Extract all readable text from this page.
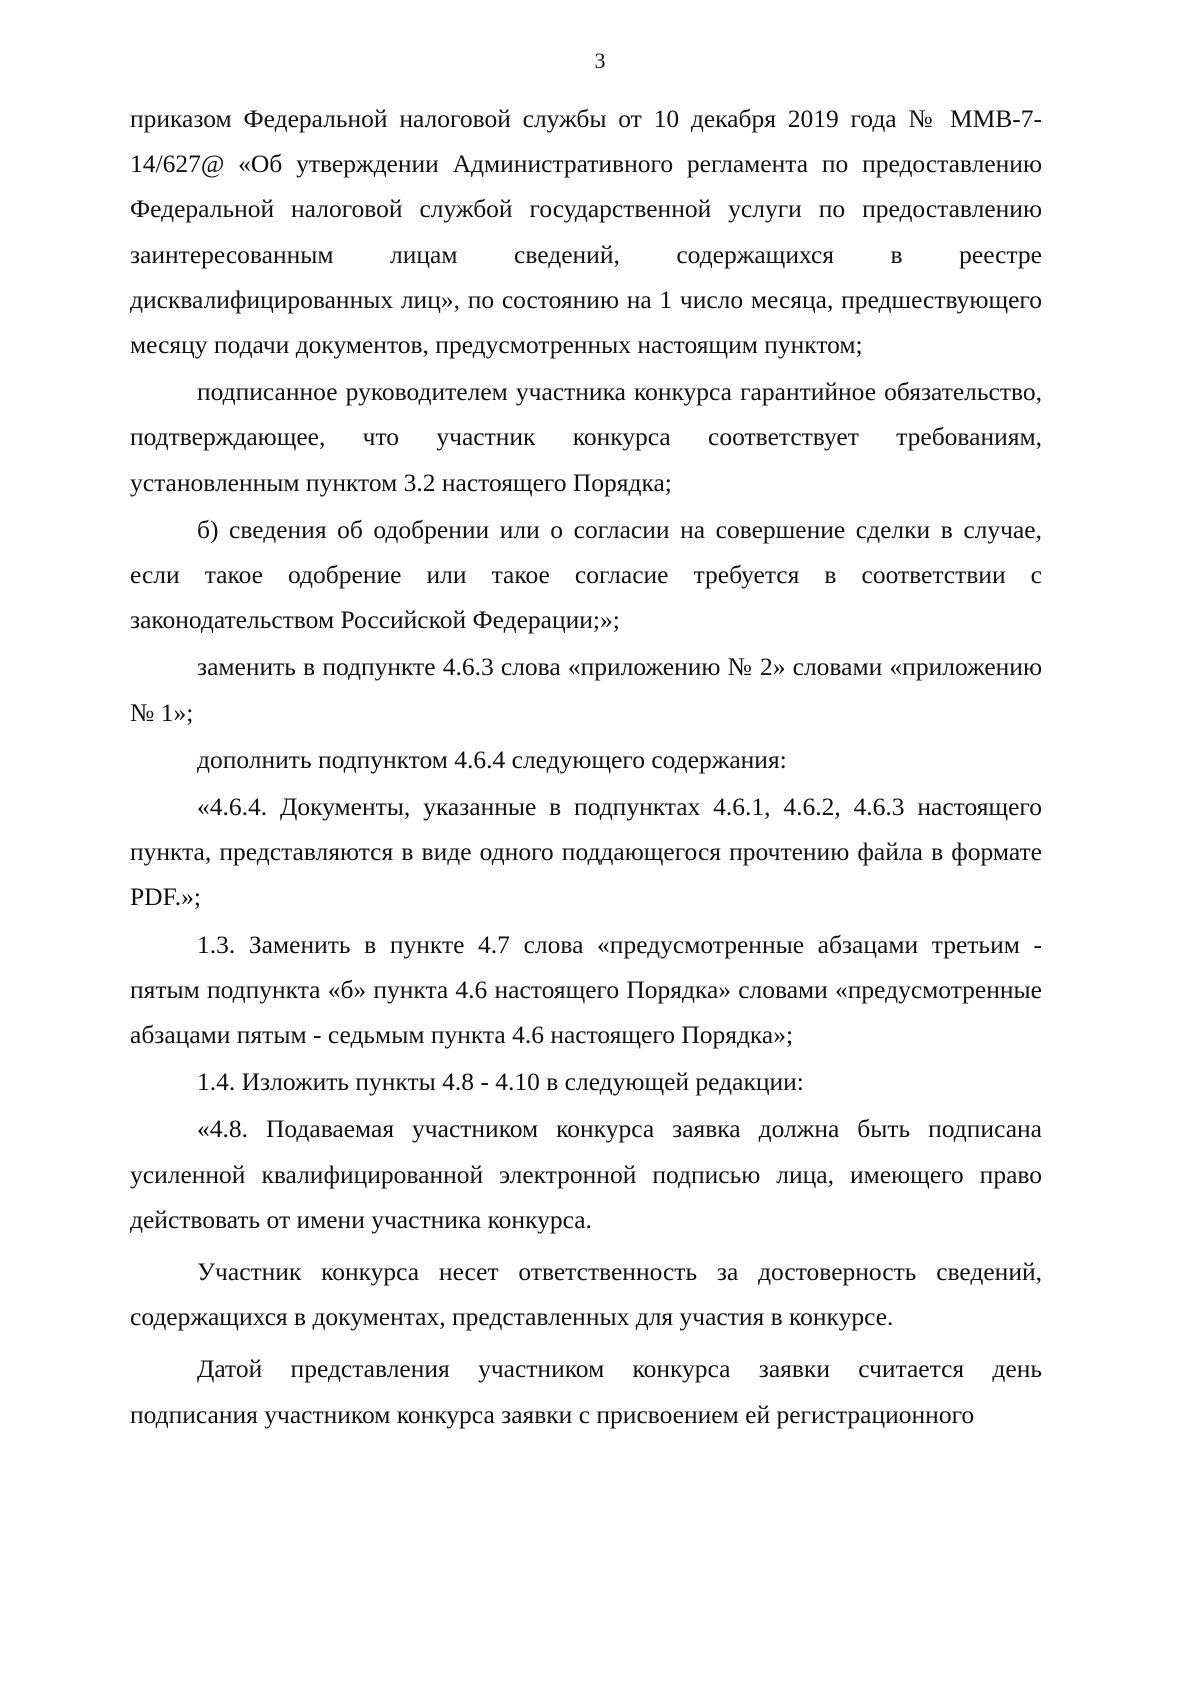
3

приказом Федеральной налоговой службы от 10 декабря 2019 года № ММВ-7-14/627@ «Об утверждении Административного регламента по предоставлению Федеральной налоговой службой государственной услуги по предоставлению заинтересованным лицам сведений, содержащихся в реестре дисквалифицированных лиц», по состоянию на 1 число месяца, предшествующего месяцу подачи документов, предусмотренных настоящим пунктом;

подписанное руководителем участника конкурса гарантийное обязательство, подтверждающее, что участник конкурса соответствует требованиям, установленным пунктом 3.2 настоящего Порядка;

б) сведения об одобрении или о согласии на совершение сделки в случае, если такое одобрение или такое согласие требуется в соответствии с законодательством Российской Федерации;»;

заменить в подпункте 4.6.3 слова «приложению № 2» словами «приложению № 1»;

дополнить подпунктом 4.6.4 следующего содержания:

«4.6.4. Документы, указанные в подпунктах 4.6.1, 4.6.2, 4.6.3 настоящего пункта, представляются в виде одного поддающегося прочтению файла в формате PDF.»;

1.3. Заменить в пункте 4.7 слова «предусмотренные абзацами третьим - пятым подпункта «б» пункта 4.6 настоящего Порядка» словами «предусмотренные абзацами пятым - седьмым пункта 4.6 настоящего Порядка»;

1.4. Изложить пункты 4.8 - 4.10 в следующей редакции:

«4.8. Подаваемая участником конкурса заявка должна быть подписана усиленной квалифицированной электронной подписью лица, имеющего право действовать от имени участника конкурса.

Участник конкурса несет ответственность за достоверность сведений, содержащихся в документах, представленных для участия в конкурсе.

Датой представления участником конкурса заявки считается день подписания участником конкурса заявки с присвоением ей регистрационного
